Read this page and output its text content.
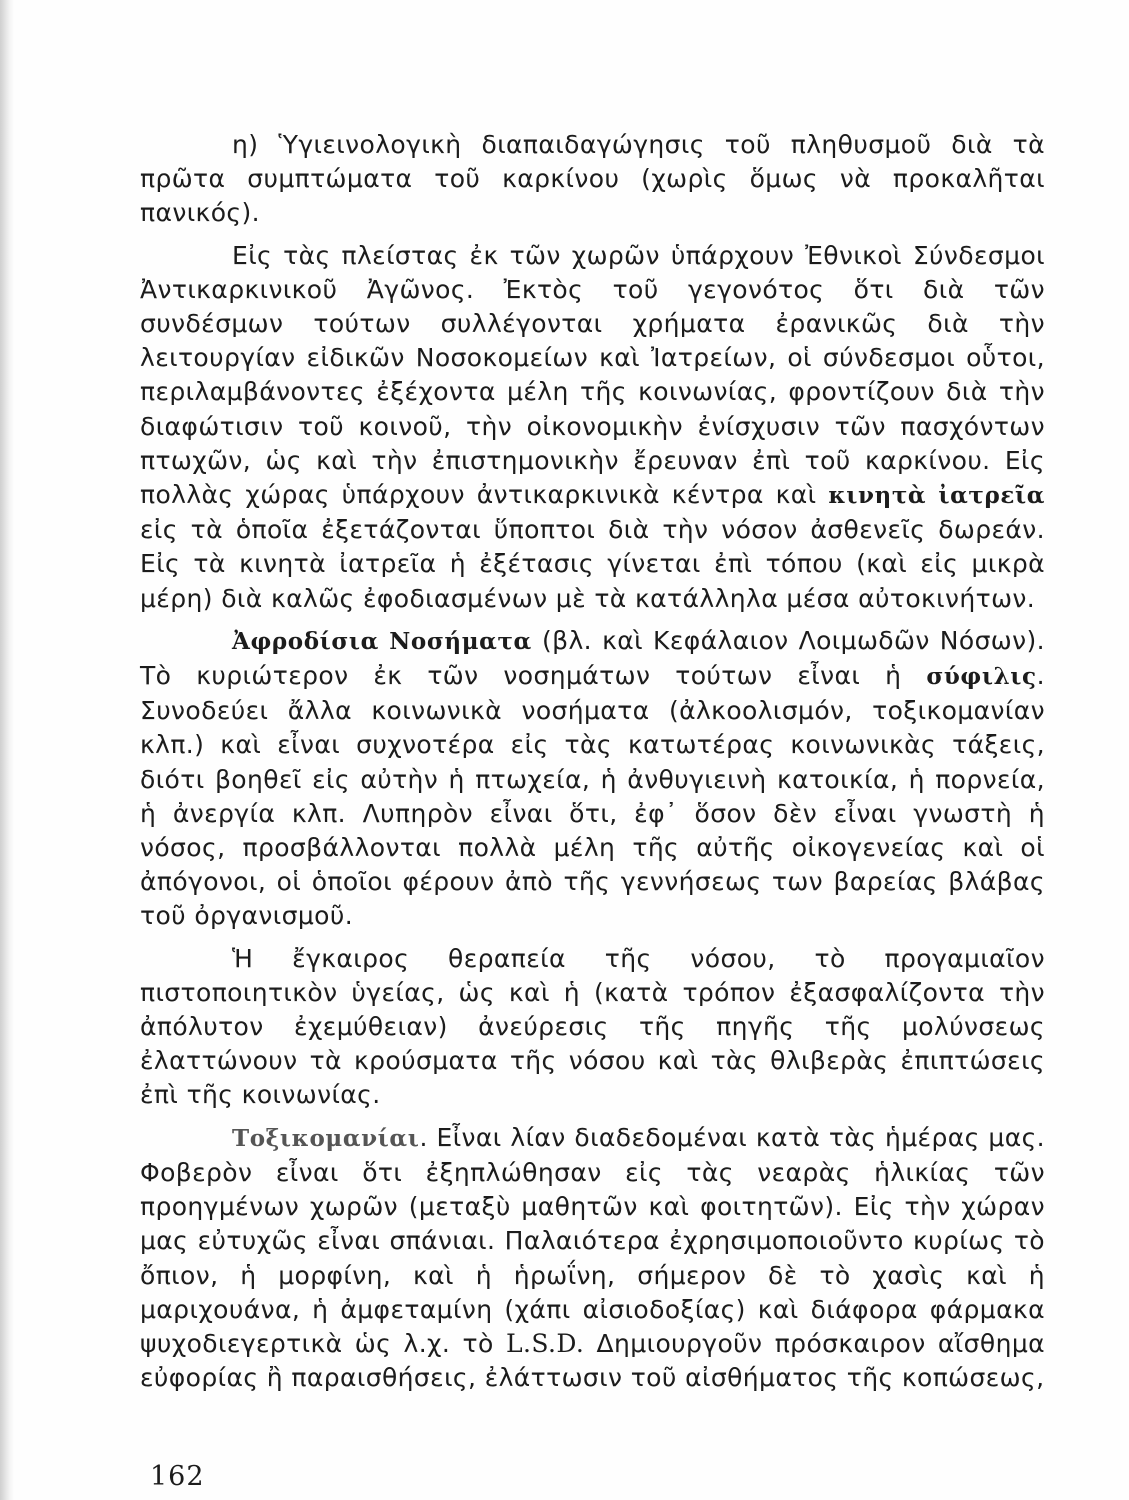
η) Ὑγιεινολογικὴ διαπαιδαγώγησις τοῦ πληθυσμοῦ διὰ τὰ πρῶτα συμπτώματα τοῦ καρκίνου (χωρὶς ὅμως νὰ προκαλῆται πανικός).

Εἰς τὰς πλείστας ἐκ τῶν χωρῶν ὑπάρχουν Ἐθνικοὶ Σύνδεσμοι Ἀντικαρκινικοῦ Ἀγῶνος. Ἐκτὸς τοῦ γεγονότος ὅτι διὰ τῶν συνδέσμων τούτων συλλέγονται χρήματα ἐρανικῶς διὰ τὴν λειτουργίαν εἰδικῶν Νοσοκομείων καὶ Ἰατρείων, οἱ σύνδεσμοι οὗτοι, περιλαμβάνοντες ἐξέχοντα μέλη τῆς κοινωνίας, φροντίζουν διὰ τὴν διαφώτισιν τοῦ κοινοῦ, τὴν οἰκονομικὴν ἐνίσχυσιν τῶν πασχόντων πτωχῶν, ὡς καὶ τὴν ἐπιστημονικὴν ἔρευναν ἐπὶ τοῦ καρκίνου. Εἰς πολλὰς χώρας ὑπάρχουν ἀντικαρκινικὰ κέντρα καὶ κινητὰ ἰατρεῖα εἰς τὰ ὁποῖα ἐξετάζονται ὕποπτοι διὰ τὴν νόσον ἀσθενεῖς δωρεάν. Εἰς τὰ κινητὰ ἰατρεῖα ἡ ἐξέτασις γίνεται ἐπὶ τόπου (καὶ εἰς μικρὰ μέρη) διὰ καλῶς ἐφοδιασμένων μὲ τὰ κατάλληλα μέσα αὐτοκινήτων.

Ἀφροδίσια Νοσήματα (βλ. καὶ Κεφάλαιον Λοιμωδῶν Νόσων). Τὸ κυριώτερον ἐκ τῶν νοσημάτων τούτων εἶναι ἡ σύφιλις. Συνοδεύει ἄλλα κοινωνικὰ νοσήματα (ἀλκοολισμόν, τοξικομανίαν κλπ.) καὶ εἶναι συχνοτέρα εἰς τὰς κατωτέρας κοινωνικὰς τάξεις, διότι βοηθεῖ εἰς αὐτὴν ἡ πτωχεία, ἡ ἀνθυγιεινὴ κατοικία, ἡ πορνεία, ἡ ἀνεργία κλπ. Λυπηρὸν εἶναι ὅτι, ἐφ᾿ ὅσον δὲν εἶναι γνωστὴ ἡ νόσος, προσβάλλονται πολλὰ μέλη τῆς αὐτῆς οἰκογενείας καὶ οἱ ἀπόγονοι, οἱ ὁποῖοι φέρουν ἀπὸ τῆς γεννήσεως των βαρείας βλάβας τοῦ ὀργανισμοῦ.

Ἡ ἔγκαιρος θεραπεία τῆς νόσου, τὸ προγαμιαῖον πιστοποιητικὸν ὑγείας, ὡς καὶ ἡ (κατὰ τρόπον ἐξασφαλίζοντα τὴν ἀπόλυτον ἐχεμύθειαν) ἀνεύρεσις τῆς πηγῆς τῆς μολύνσεως ἐλαττώνουν τὰ κρούσματα τῆς νόσου καὶ τὰς θλιβερὰς ἐπιπτώσεις ἐπὶ τῆς κοινωνίας.

Τοξικομανίαι. Εἶναι λίαν διαδεδομέναι κατὰ τὰς ἡμέρας μας. Φοβερὸν εἶναι ὅτι ἐξηπλώθησαν εἰς τὰς νεαρὰς ἡλικίας τῶν προηγμένων χωρῶν (μεταξὺ μαθητῶν καὶ φοιτητῶν). Εἰς τὴν χώραν μας εὐτυχῶς εἶναι σπάνιαι. Παλαιότερα ἐχρησιμοποιοῦντο κυρίως τὸ ὄπιον, ἡ μορφίνη, καὶ ἡ ἡρωΐνη, σήμερον δὲ τὸ χασὶς καὶ ἡ μαριχουάνα, ἡ ἀμφεταμίνη (χάπι αἰσιοδοξίας) καὶ διάφορα φάρμακα ψυχοδιεγερτικὰ ὡς λ.χ. τὸ L.S.D. Δημιουργοῦν πρόσκαιρον αἴσθημα εὐφορίας ἢ παραισθήσεις, ἐλάττωσιν τοῦ αἰσθήματος τῆς κοπώσεως,

162
